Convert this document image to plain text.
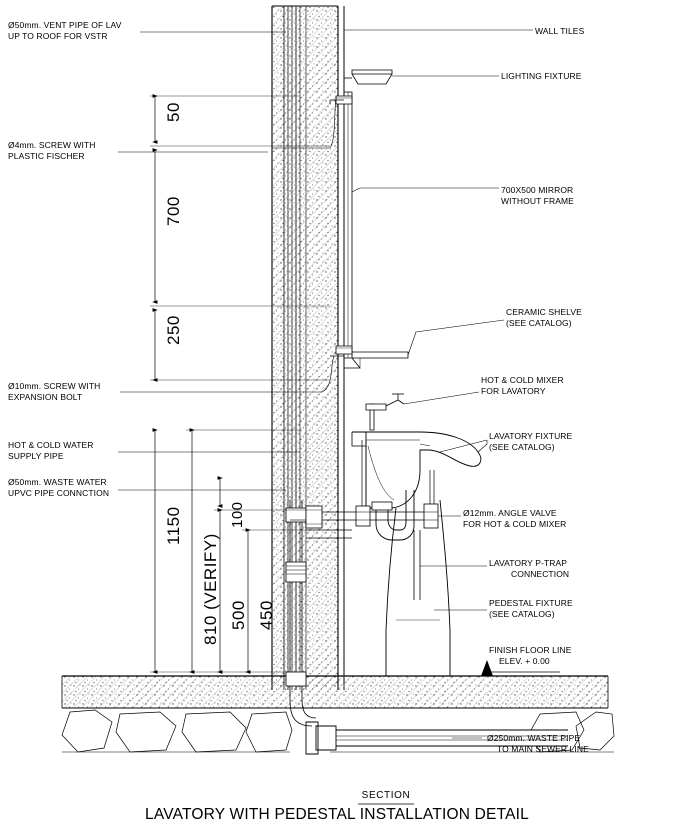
Ø50mm. VENT PIPE OF LAV
UP TO ROOF FOR VSTR
Ø4mm. SCREW WITH
PLASTIC FISCHER
Ø10mm. SCREW WITH
EXPANSION BOLT
HOT & COLD WATER
SUPPLY PIPE
Ø50mm. WASTE WATER
UPVC PIPE CONNCTION
WALL TILES
LIGHTING FIXTURE
700X500 MIRROR
WITHOUT FRAME
CERAMIC SHELVE
(SEE CATALOG)
HOT & COLD MIXER
FOR LAVATORY
LAVATORY FIXTURE
(SEE CATALOG)
Ø12mm. ANGLE VALVE
FOR HOT & COLD MIXER
LAVATORY P-TRAP
CONNECTION
PEDESTAL FIXTURE
(SEE CATALOG)
FINISH FLOOR LINE
ELEV. + 0.00
Ø250mm. WASTE PIPE
TO MAIN SEWER LINE
50
700
250
1150
810 (VERIFY) 500 450
100
SECTION
LAVATORY WITH PEDESTAL INSTALLATION DETAIL
